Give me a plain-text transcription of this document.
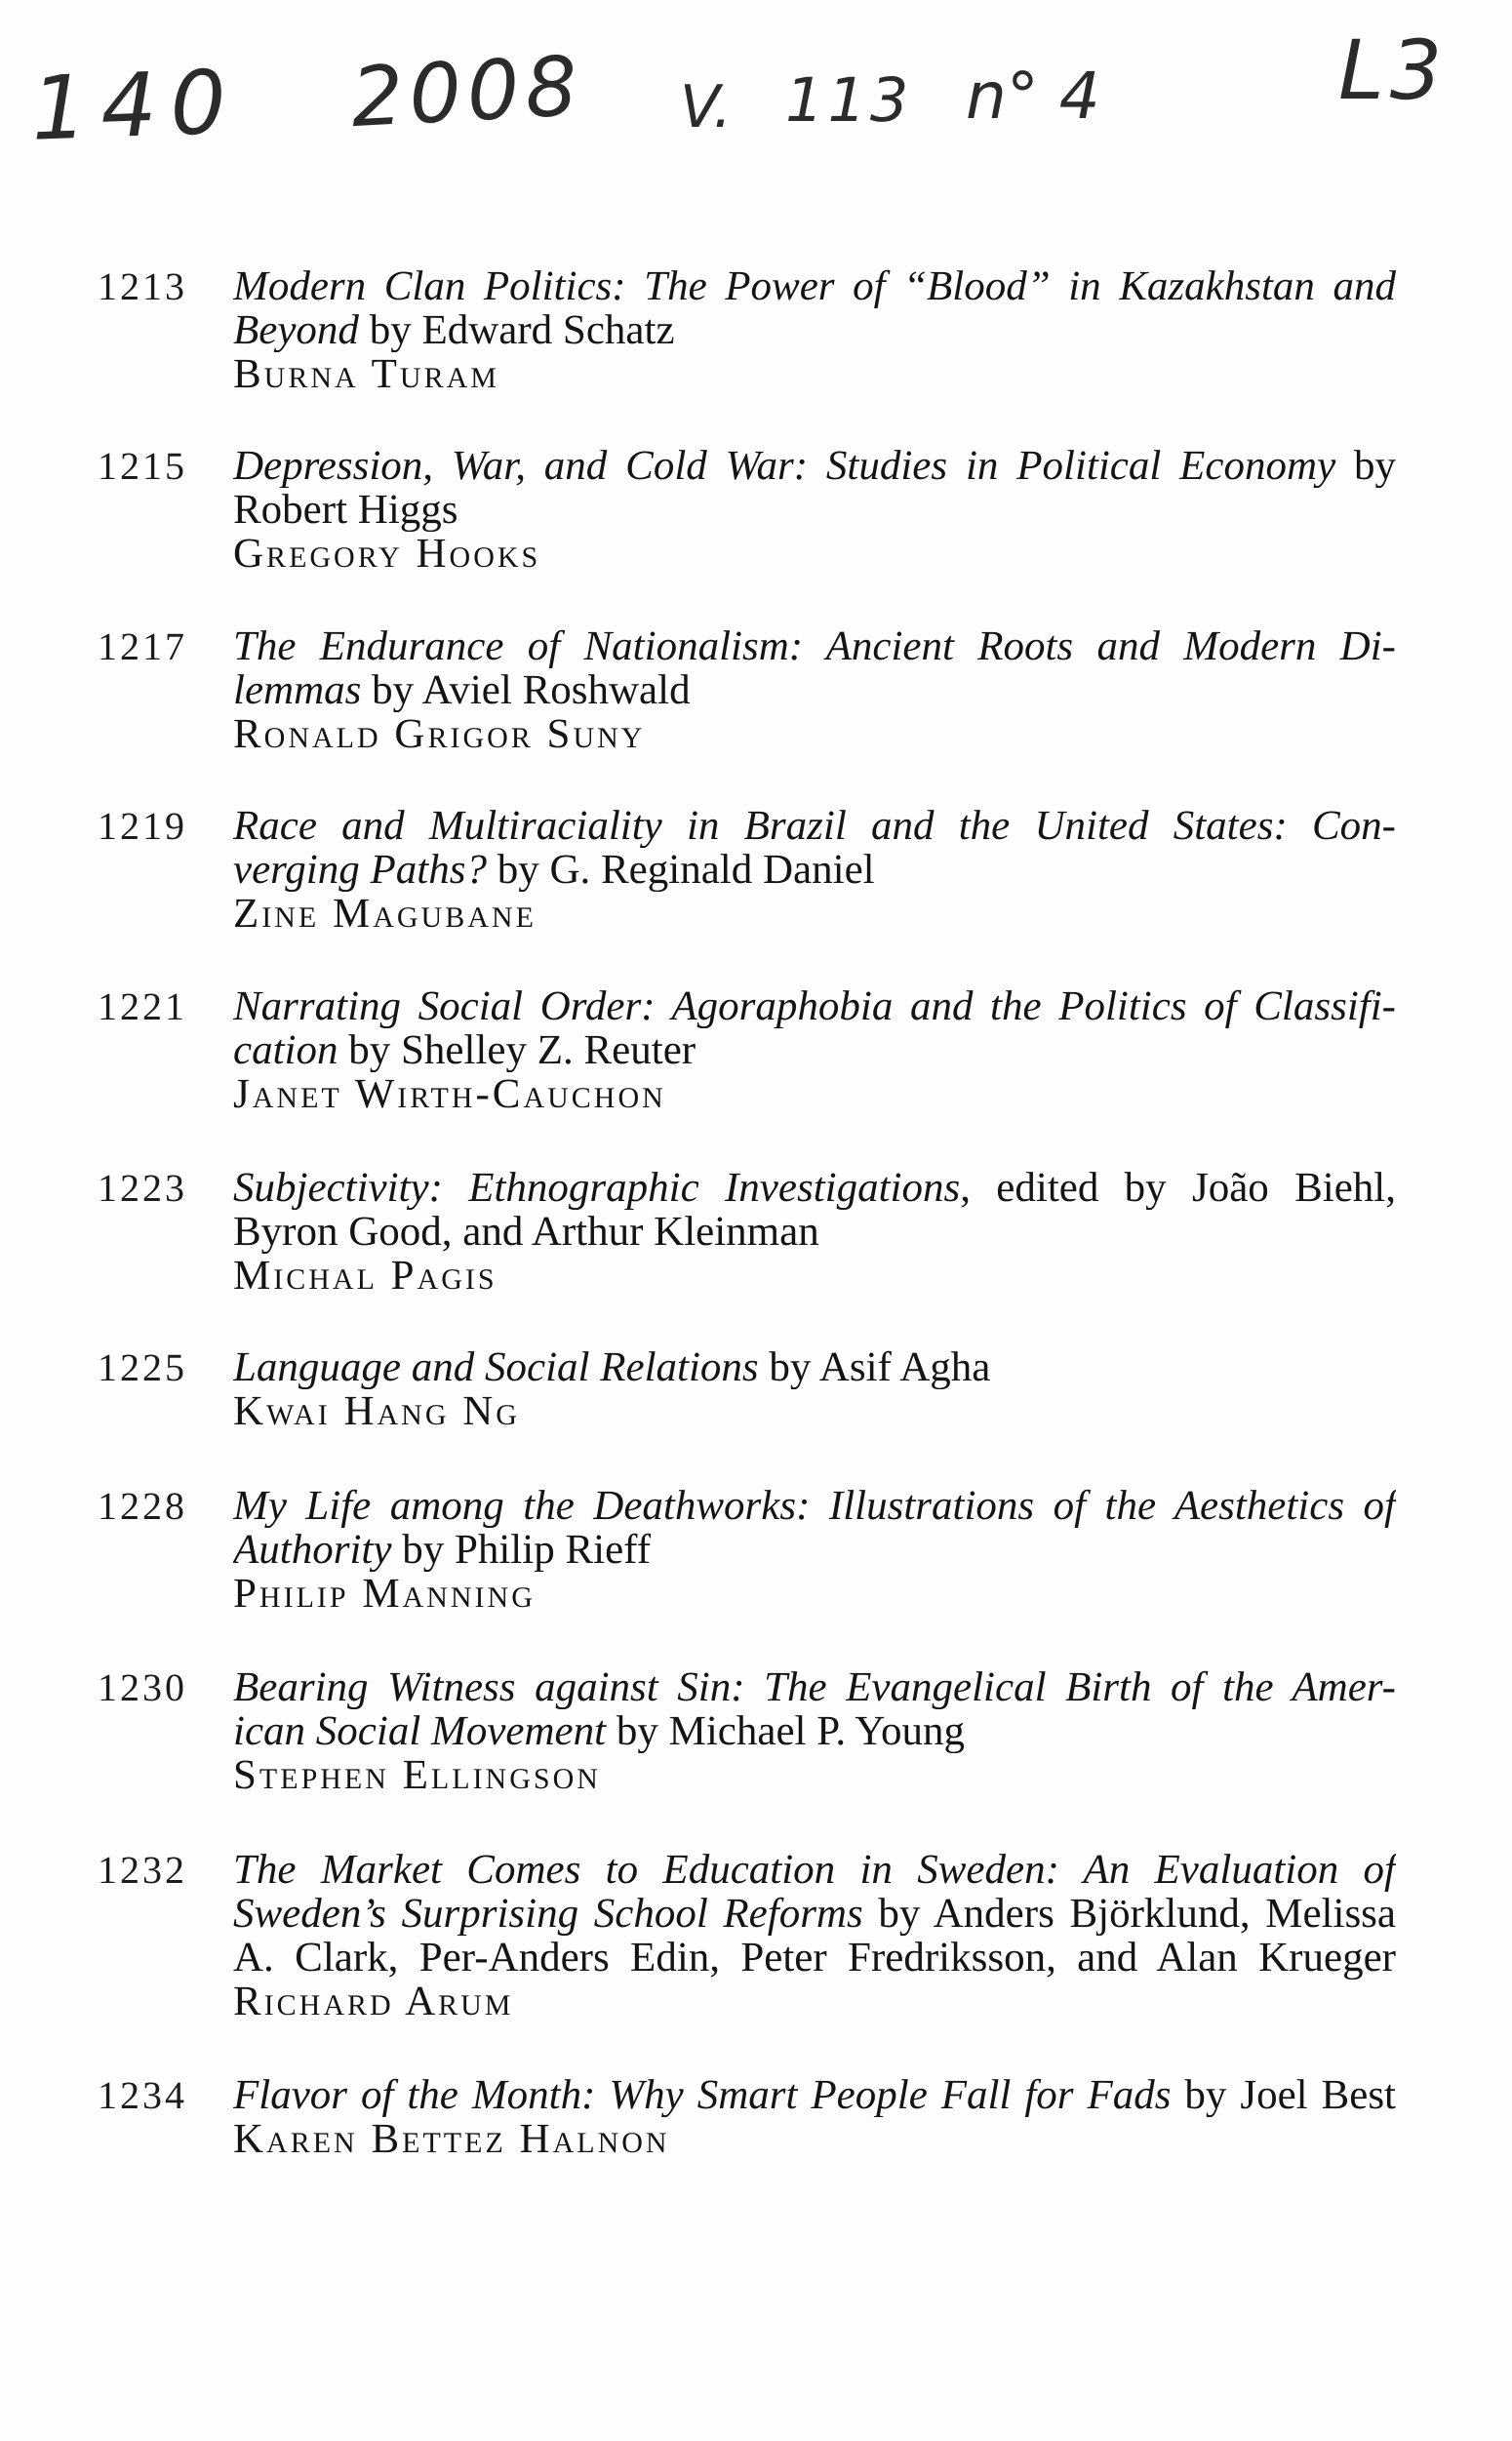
140 2008 V. 113 n° 4	L3
1213 Modern Clan Politics: The Power of “Blood” in Kazakhstan and
Beyond by Edward Schatz
Burna Turam
1215 Depression, War, and Cold War: Studies in Political Economy by
Robert Higgs
Gregory Hooks
1217 The Endurance of Nationalism: Ancient Roots and Modern Di-
lemmas by Aviel Roshwald
Ronald Grigor Suny
1219 Race and Multiraciality in Brazil and the United States: Con-
verging Paths? by G. Reginald Daniel
Zine Magubane
1221 Narrating Social Order: Agoraphobia and the Politics of Classifi-
cation by Shelley Z. Reuter
Janet Wirth-Cauchon
1223 Subjectivity: Ethnographic Investigations, edited by João Biehl,
Byron Good, and Arthur Kleinman
Michal Pagis
1225 Language and Social Relations by Asif Agha
Kwai Hang Ng
1228 My Life among the Deathworks: Illustrations of the Aesthetics of
Authority by Philip Rieff
Philip Manning
1230 Bearing Witness against Sin: The Evangelical Birth of the Amer-
ican Social Movement by Michael P. Young
Stephen Ellingson
1232 The Market Comes to Education in Sweden: An Evaluation of
Sweden’s Surprising School Reforms by Anders Björklund, Melissa
A. Clark, Per-Anders Edin, Peter Fredriksson, and Alan Krueger
Richard Arum
1234 Flavor of the Month: Why Smart People Fall for Fads by Joel Best
Karen Bettez Halnon
